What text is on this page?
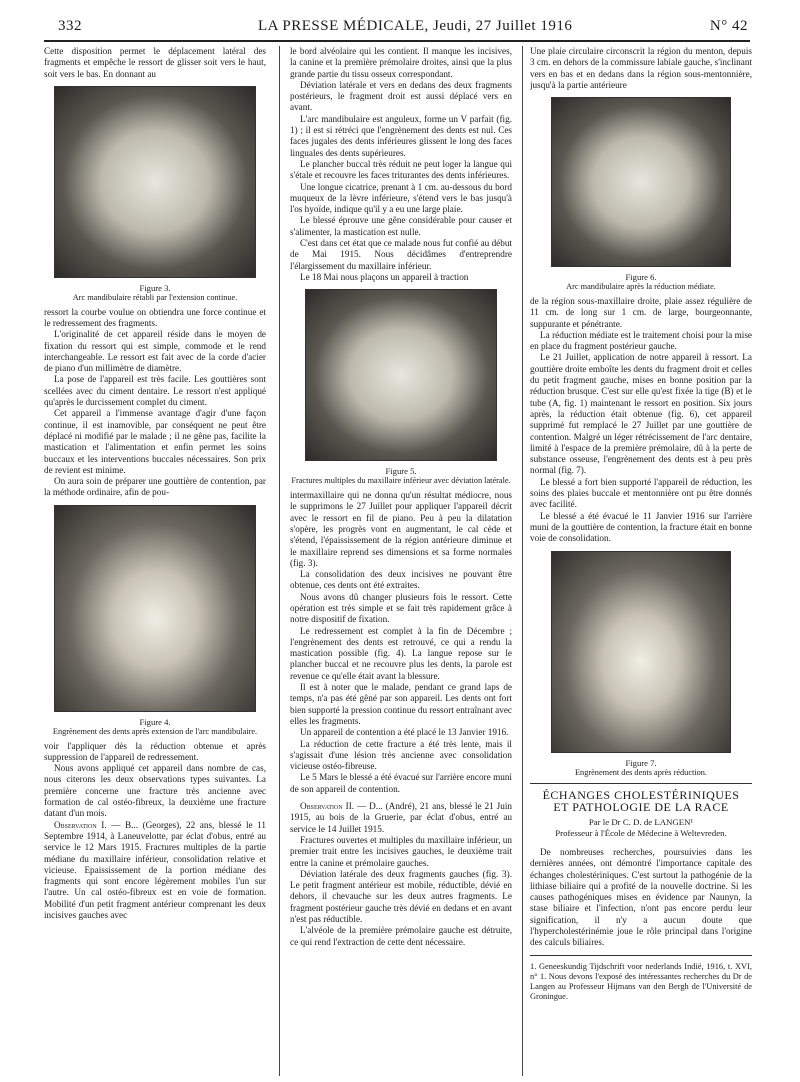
332	LA PRESSE MÉDICALE, Jeudi, 27 Juillet 1916	N° 42

Cette disposition permet le déplacement latéral des fragments et empêche le ressort de glisser soit vers le haut, soit vers le bas. En donnant au

Figure 3.
Arc mandibulaire rétabli par l'extension continue.

ressort la courbe voulue on obtiendra une force continue et le redressement des fragments.

L'originalité de cet appareil réside dans le moyen de fixation du ressort qui est simple, commode et le rend interchangeable. Le ressort est fait avec de la corde d'acier de piano d'un millimètre de diamètre.

La pose de l'appareil est très facile. Les gouttières sont scellées avec du ciment dentaire. Le ressort n'est appliqué qu'après le durcissement complet du ciment.

Cet appareil a l'immense avantage d'agir d'une façon continue, il est inamovible, par conséquent ne peut être déplacé ni modifié par le malade ; il ne gêne pas, facilite la mastication et l'alimentation et enfin permet les soins buccaux et les interventions buccales nécessaires. Son prix de revient est minime.

On aura soin de préparer une gouttière de contention, par la méthode ordinaire, afin de pou-

Figure 4.
Engrènement des dents après extension de l'arc mandibulaire.

voir l'appliquer dès la réduction obtenue et après suppression de l'appareil de redressement.

Nous avons appliqué cet appareil dans nombre de cas, nous citerons les deux observations types suivantes. La première concerne une fracture très ancienne avec formation de cal ostéo-fibreux, la deuxième une fracture datant d'un mois.

Observation I. — B... (Georges), 22 ans, blessé le 11 Septembre 1914, à Laneuvelotte, par éclat d'obus, entré au service le 12 Mars 1915. Fractures multiples de la partie médiane du maxillaire inférieur, consolidation relative et vicieuse. Epaississement de la portion médiane des fragments qui sont encore légèrement mobiles l'un sur l'autre. Un cal ostéo-fibreux est en voie de formation. Mobilité d'un petit fragment antérieur comprenant les deux incisives gauches avec

le bord alvéolaire qui les contient. Il manque les incisives, la canine et la première prémolaire droites, ainsi que la plus grande partie du tissu osseux correspondant.

Déviation latérale et vers en dedans des deux fragments postérieurs, le fragment droit est aussi déplacé vers en avant.

L'arc mandibulaire est anguleux, forme un V parfait (fig. 1) ; il est si rétréci que l'engrènement des dents est nul. Ces faces jugales des dents inférieures glissent le long des faces linguales des dents supérieures.

Le plancher buccal très réduit ne peut loger la langue qui s'étale et recouvre les faces triturantes des dents inférieures.

Une longue cicatrice, prenant à 1 cm. au-dessous du bord muqueux de la lèvre inférieure, s'étend vers le bas jusqu'à l'os hyoïde, indique qu'il y a eu une large plaie.

Le blessé éprouve une gêne considérable pour causer et s'alimenter, la mastication est nulle.

C'est dans cet état que ce malade nous fut confié au début de Mai 1915. Nous décidâmes d'entreprendre l'élargissement du maxillaire inférieur.

Le 18 Mai nous plaçons un appareil à traction

Figure 5.
Fractures multiples du maxillaire inférieur avec déviation latérale.

intermaxillaire qui ne donna qu'un résultat médiocre, nous le supprimons le 27 Juillet pour appliquer l'appareil décrit avec le ressort en fil de piano. Peu à peu la dilatation s'opère, les progrès vont en augmentant, le cal cède et s'étend, l'épaississement de la région antérieure diminue et le maxillaire reprend ses dimensions et sa forme normales (fig. 3).

La consolidation des deux incisives ne pouvant être obtenue, ces dents ont été extraites.

Nous avons dû changer plusieurs fois le ressort. Cette opération est très simple et se fait très rapidement grâce à notre dispositif de fixation.

Le redressement est complet à la fin de Décembre ; l'engrènement des dents est retrouvé, ce qui a rendu la mastication possible (fig. 4). La langue repose sur le plancher buccal et ne recouvre plus les dents, la parole est revenue ce qu'elle était avant la blessure.

Il est à noter que le malade, pendant ce grand laps de temps, n'a pas été gêné par son appareil. Les dents ont fort bien supporté la pression continue du ressort entraînant avec elles les fragments.

Un appareil de contention a été placé le 13 Janvier 1916.

La réduction de cette fracture a été très lente, mais il s'agissait d'une lésion très ancienne avec consolidation vicieuse ostéo-fibreuse.

Le 5 Mars le blessé a été évacué sur l'arrière encore muni de son appareil de contention.

Observation II. — D... (André), 21 ans, blessé le 21 Juin 1915, au bois de la Gruerie, par éclat d'obus, entré au service le 14 Juillet 1915.

Fractures ouvertes et multiples du maxillaire inférieur, un premier trait entre les incisives gauches, le deuxième trait entre la canine et prémolaire gauches.

Déviation latérale des deux fragments gauches (fig. 3). Le petit fragment antérieur est mobile, réductible, dévié en dehors, il chevauche sur les deux autres fragments. Le fragment postérieur gauche très dévié en dedans et en avant n'est pas réductible.

L'alvéole de la première prémolaire gauche est détruite, ce qui rend l'extraction de cette dent nécessaire.

Une plaie circulaire circonscrit la région du menton, depuis 3 cm. en dehors de la commissure labiale gauche, s'inclinant vers en bas et en dedans dans la région sous-mentonnière, jusqu'à la partie antérieure

Figure 6.
Arc mandibulaire après la réduction médiate.

de la région sous-maxillaire droite, plaie assez régulière de 11 cm. de long sur 1 cm. de large, bourgeonnante, suppurante et pénétrante.

La réduction médiate est le traitement choisi pour la mise en place du fragment postérieur gauche.

Le 21 Juillet, application de notre appareil à ressort. La gouttière droite emboîte les dents du fragment droit et celles du petit fragment gauche, mises en bonne position par la réduction brusque. C'est sur elle qu'est fixée la tige (B) et le tube (A, fig. 1) maintenant le ressort en position. Six jours après, la réduction était obtenue (fig. 6), cet appareil supprimé fut remplacé le 27 Juillet par une gouttière de contention. Malgré un léger rétrécissement de l'arc dentaire, limité à l'espace de la première prémolaire, dû à la perte de substance osseuse, l'engrènement des dents est à peu près normal (fig. 7).

Le blessé a fort bien supporté l'appareil de réduction, les soins des plaies buccale et mentonnière ont pu être donnés avec facilité.

Le blessé a été évacué le 11 Janvier 1916 sur l'arrière muni de la gouttière de contention, la fracture était en bonne voie de consolidation.

Figure 7.
Engrènement des dents après réduction.

ÉCHANGES CHOLESTÉRINIQUES

ET PATHOLOGIE DE LA RACE

Par le Dr C. D. de LANGEN¹

Professeur à l'École de Médecine à Weltevreden.

De nombreuses recherches, poursuivies dans les dernières années, ont démontré l'importance capitale des échanges cholestériniques. C'est surtout la pathogénie de la lithiase biliaire qui a profité de la nouvelle doctrine. Si les causes pathogéniques mises en évidence par Naunyn, la stase biliaire et l'infection, n'ont pas encore perdu leur signification, il n'y a aucun doute que l'hypercholestérinémie joue le rôle principal dans l'origine des calculs biliaires.

1. Geneeskundig Tijdschrift voor nederlands Indië, 1916, t. XVI, n° 1. Nous devons l'exposé des intéressantes recherches du Dr de Langen au Professeur Hijmans van den Bergh de l'Université de Groningue.
